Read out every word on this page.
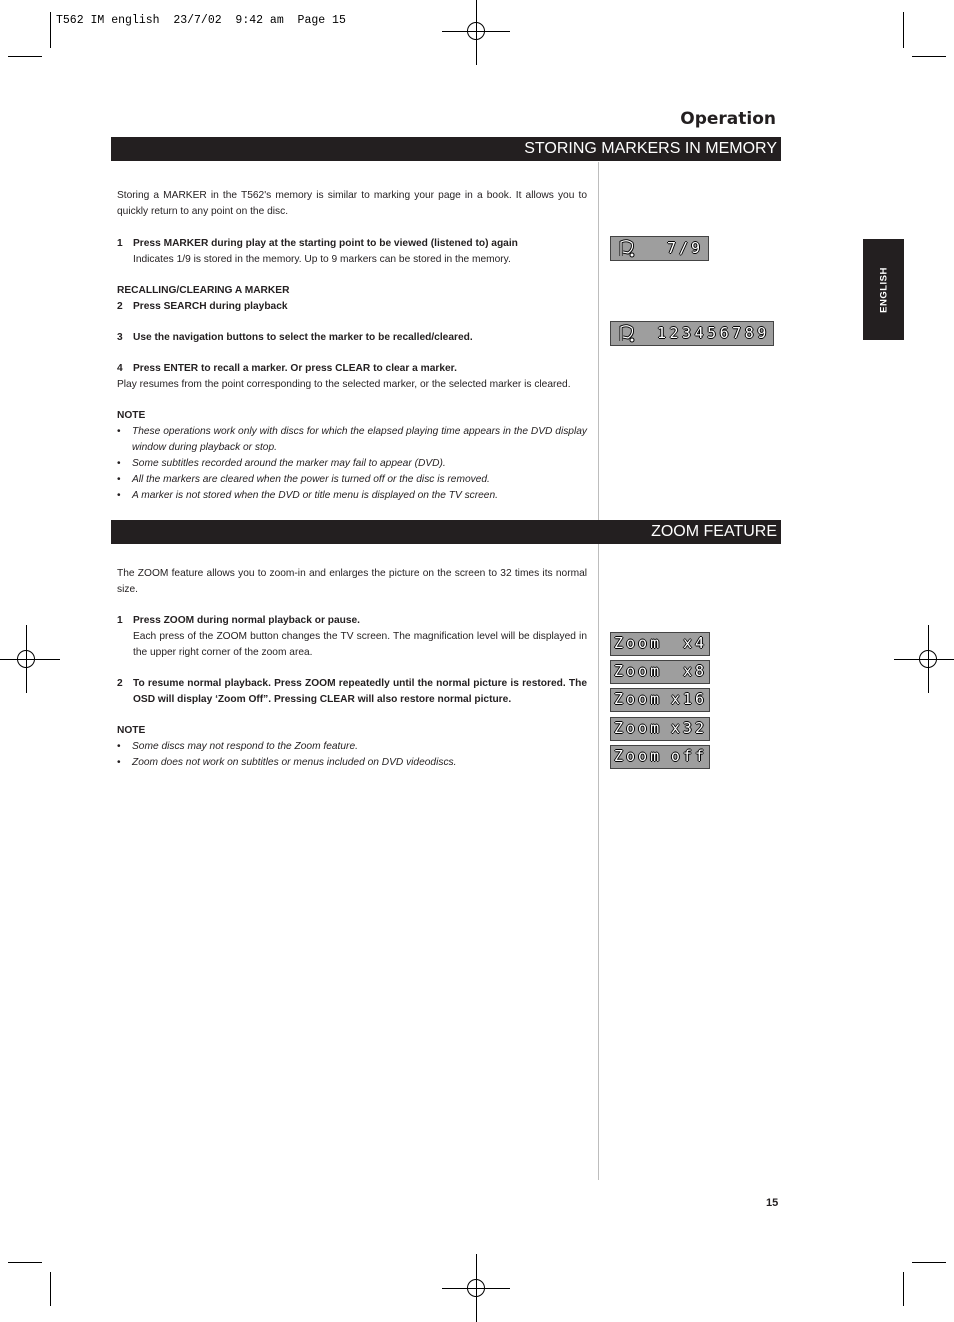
T562 IM english  23/7/02  9:42 am  Page 15
Operation
ENGLISH
STORING MARKERS IN MEMORY

Storing a MARKER in the T562's memory is similar to marking your page in a book. It allows you to quickly return to any point on the disc.

1 Press MARKER during play at the starting point to be viewed (listened to) again

Indicates 1/9 is stored in the memory. Up to 9 markers can be stored in the memory.

RECALLING/CLEARING A MARKER

2 Press SEARCH during playback

3 Use the navigation buttons to select the marker to be recalled/cleared.

4 Press ENTER to recall a marker. Or press CLEAR to clear a marker.

Play resumes from the point corresponding to the selected marker, or the selected marker is cleared.

NOTE

• These operations work only with discs for which the elapsed playing time appears in the DVD display window during playback or stop.
• Some subtitles recorded around the marker may fail to appear (DVD).
• All the markers are cleared when the power is turned off or the disc is removed.
• A marker is not stored when the DVD or title menu is displayed on the TV screen.

7/9

123456789

ZOOM FEATURE

The ZOOM feature allows you to zoom-in and enlarges the picture on the screen to 32 times its normal size.

1 Press ZOOM during normal playback or pause.

Each press of the ZOOM button changes the TV screen. The magnification level will be displayed in the upper right corner of the zoom area.

2 To resume normal playback. Press ZOOM repeatedly until the normal picture is restored. The OSD will display ‘Zoom Off”. Pressing CLEAR will also restore normal picture.

NOTE

• Some discs may not respond to the Zoom feature.
• Zoom does not work on subtitles or menus included on DVD videodiscs.

Zoom

x4

Zoom

x8

Zoom

x16

Zoom

x32

Zoom

off

15
